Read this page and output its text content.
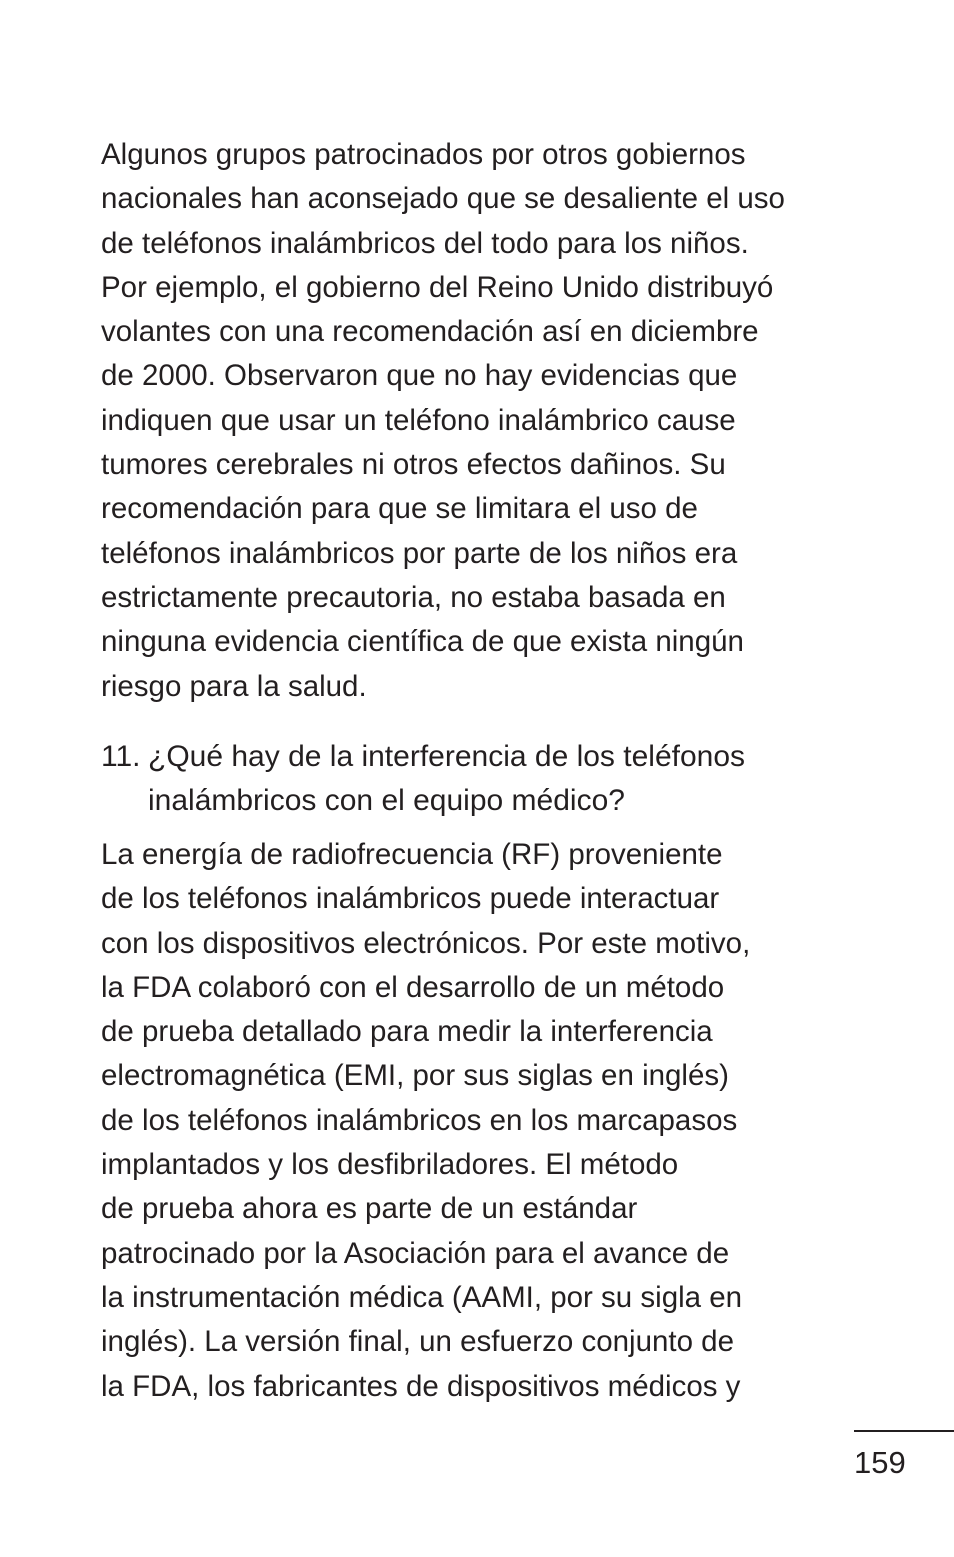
Algunos grupos patrocinados por otros gobiernos
nacionales han aconsejado que se desaliente el uso
de teléfonos inalámbricos del todo para los niños.
Por ejemplo, el gobierno del Reino Unido distribuyó
volantes con una recomendación así en diciembre
de 2000. Observaron que no hay evidencias que
indiquen que usar un teléfono inalámbrico cause
tumores cerebrales ni otros efectos dañinos. Su
recomendación para que se limitara el uso de
teléfonos inalámbricos por parte de los niños era
estrictamente precautoria, no estaba basada en
ninguna evidencia científica de que exista ningún
riesgo para la salud.
11. ¿Qué hay de la interferencia de los teléfonos
inalámbricos con el equipo médico?
La energía de radiofrecuencia (RF) proveniente
de los teléfonos inalámbricos puede interactuar
con los dispositivos electrónicos. Por este motivo,
la FDA colaboró con el desarrollo de un método
de prueba detallado para medir la interferencia
electromagnética (EMI, por sus siglas en inglés)
de los teléfonos inalámbricos en los marcapasos
implantados y los desfibriladores. El método
de prueba ahora es parte de un estándar
patrocinado por la Asociación para el avance de
la instrumentación médica (AAMI, por su sigla en
inglés). La versión final, un esfuerzo conjunto de
la FDA, los fabricantes de dispositivos médicos y
159
